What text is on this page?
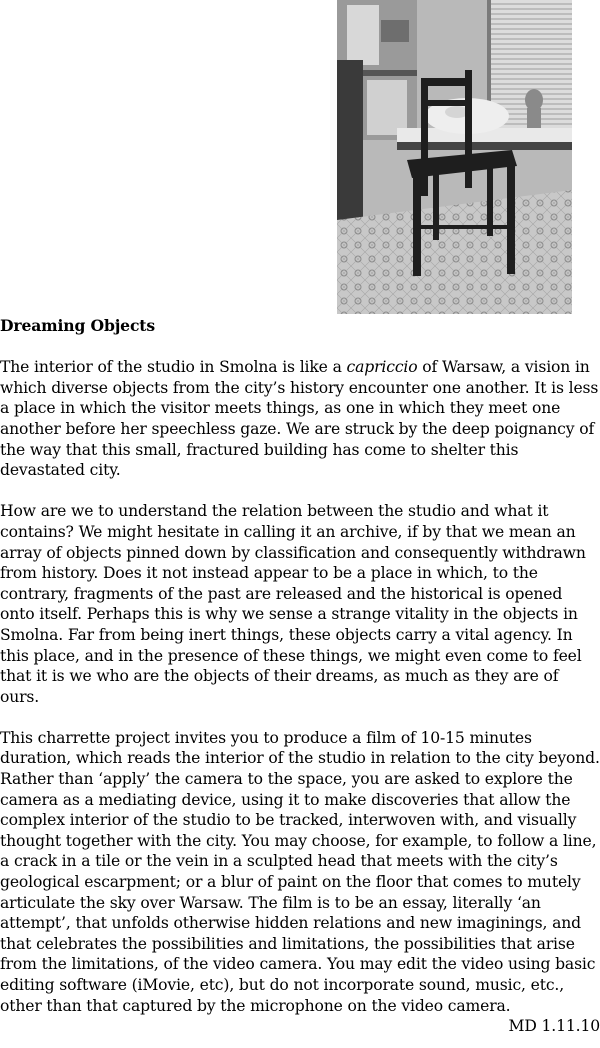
Dreaming Objects

The interior of the studio in Smolna is like a capriccio of Warsaw, a vision in which diverse objects from the city’s history encounter one another. It is less a place in which the visitor meets things, as one in which they meet one another before her speechless gaze. We are struck by the deep poignancy of the way that this small, fractured building has come to shelter this devastated city.

How are we to understand the relation between the studio and what it contains? We might hesitate in calling it an archive, if by that we mean an array of objects pinned down by classification and consequently withdrawn from history. Does it not instead appear to be a place in which, to the contrary, fragments of the past are released and the historical is opened onto itself. Perhaps this is why we sense a strange vitality in the objects in Smolna. Far from being inert things, these objects carry a vital agency. In this place, and in the presence of these things, we might even come to feel that it is we who are the objects of their dreams, as much as they are of ours.

This charrette project invites you to produce a film of 10-15 minutes duration, which reads the interior of the studio in relation to the city beyond. Rather than ‘apply’ the camera to the space, you are asked to explore the camera as a mediating device, using it to make discoveries that allow the complex interior of the studio to be tracked, interwoven with, and visually thought together with the city. You may choose, for example, to follow a line, a crack in a tile or the vein in a sculpted head that meets with the city’s geological escarpment; or a blur of paint on the floor that comes to mutely articulate the sky over Warsaw. The film is to be an essay, literally ‘an attempt’, that unfolds otherwise hidden relations and new imaginings, and that celebrates the possibilities and limitations, the possibilities that arise from the limitations, of the video camera. You may edit the video using basic editing software (iMovie, etc), but do not incorporate sound, music, etc., other than that captured by the microphone on the video camera.

MD 1.11.10
